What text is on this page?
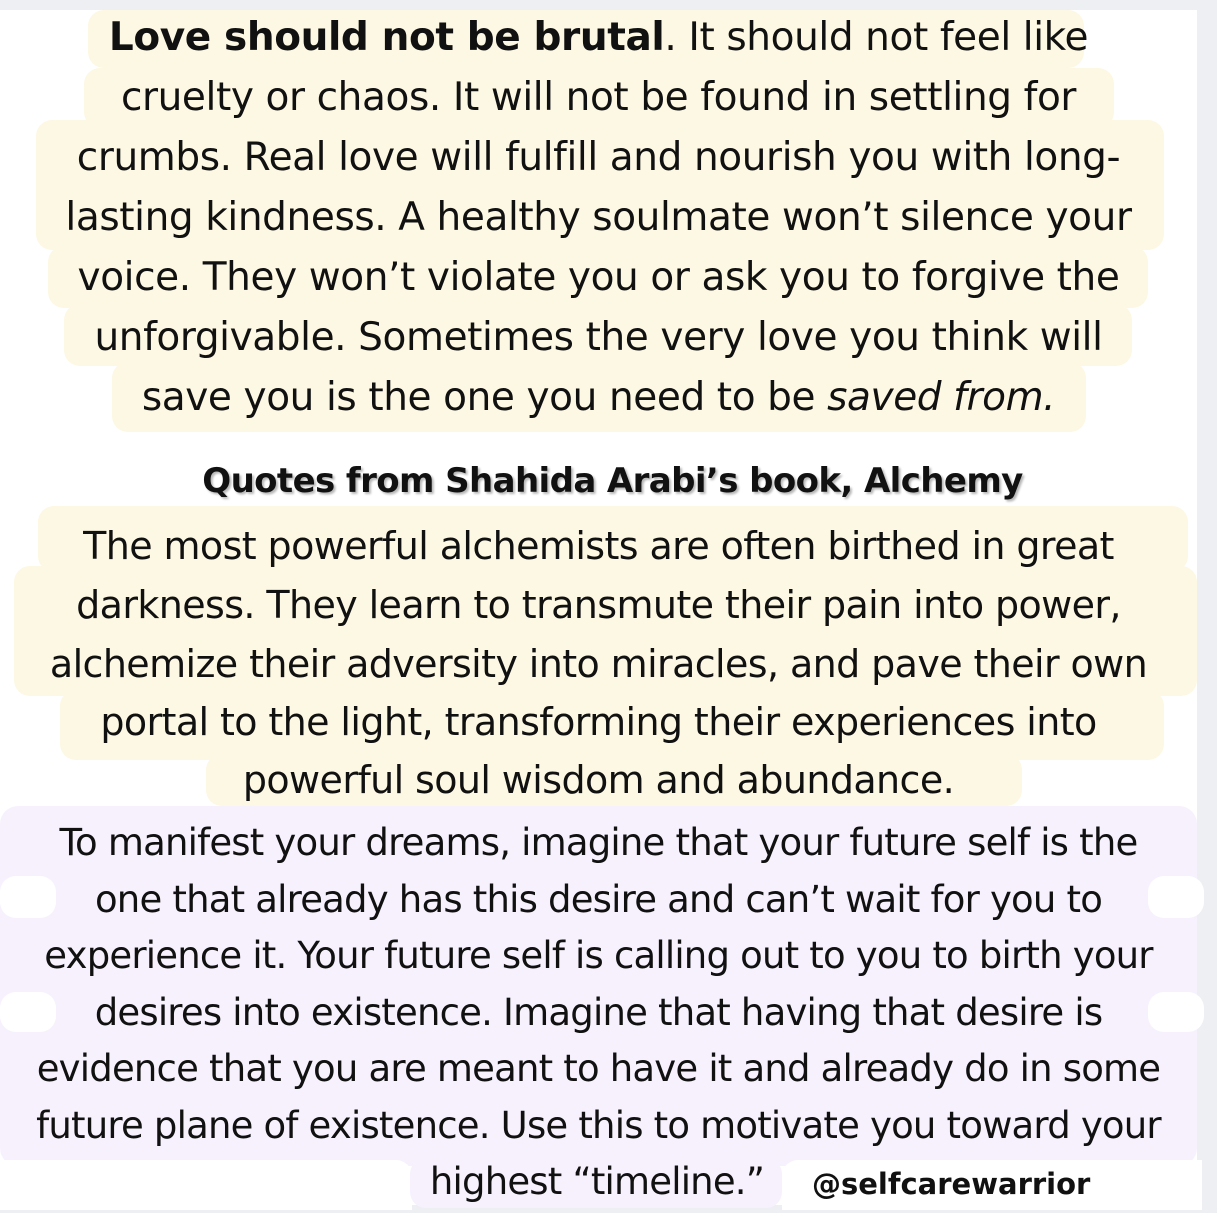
Love should not be brutal. It should not feel like
cruelty or chaos. It will not be found in settling for
crumbs. Real love will fulfill and nourish you with long-
lasting kindness. A healthy soulmate won’t silence your
voice. They won’t violate you or ask you to forgive the
unforgivable. Sometimes the very love you think will
save you is the one you need to be saved from.
Quotes from Shahida Arabi’s book, Alchemy
The most powerful alchemists are often birthed in great
darkness. They learn to transmute their pain into power,
alchemize their adversity into miracles, and pave their own
portal to the light, transforming their experiences into
powerful soul wisdom and abundance.
To manifest your dreams, imagine that your future self is the
one that already has this desire and can’t wait for you to
experience it. Your future self is calling out to you to birth your
desires into existence. Imagine that having that desire is
evidence that you are meant to have it and already do in some
future plane of existence. Use this to motivate you toward your
highest “timeline.”	@selfcarewarrior
